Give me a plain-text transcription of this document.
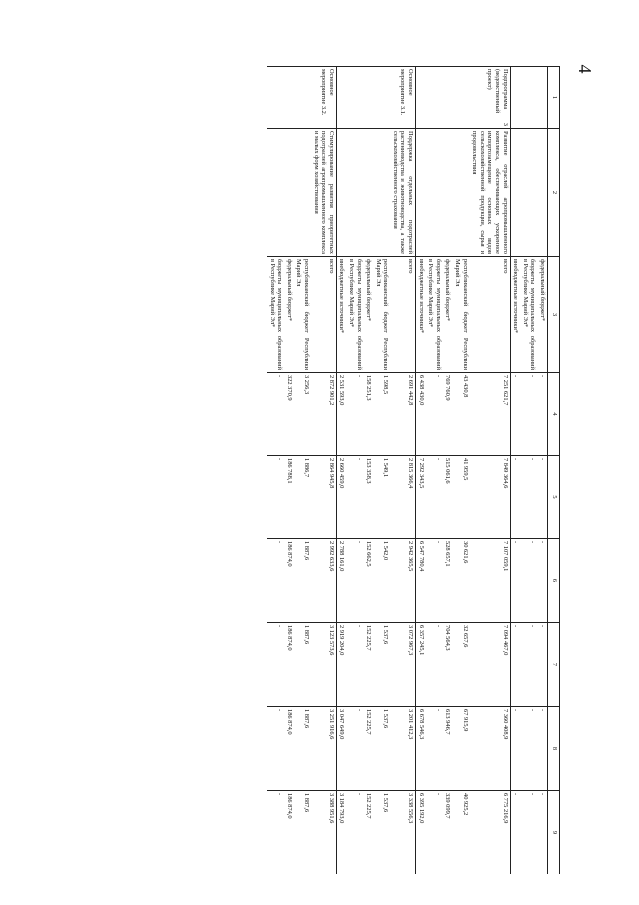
4
1	2	3	4	5	6	7	8	9
		федеральный бюджет*	-	-	-	-	-	-
		бюджеты муниципальных образований в Республике Марий Эл*	-	-	-	-	-	-
		внебюджетные источники*	-	-	-	-	-	-
Подпрограмма 3 (ведомственный проект)	Развитие отраслей агропромышленного комплекса, обеспечивающих ускоренное импортозамещение основных видов сельскохозяйственной продукции, сырья и продовольствия	всего	7 251 621,7	7 849 364,6	7 107 059,1	7 094 467,0	7 360 408,9	6 775 216,9
		республиканский бюджет Республики Марий Эл	43 430,8	41 959,5	30 621,6	32 657,6	67 915,9	40 925,2
		федеральный бюджет*	769 760,9	515 061,6	528 657,1	704 564,3	613 946,7	339 099,7
		бюджеты муниципальных образований в Республике Марий Эл*	-	-	-	-	-	-
		внебюджетные источники*	6 438 430,0	7 292 343,5	6 547 780,4	6 357 245,1	6 678 546,3	6 395 192,0
Основное мероприятие 3.1.	Поддержка отдельных подотраслей растениеводства и животноводства, а также сельскохозяйственного страхования	всего	2 691 442,8	2 815 366,4	2 942 365,5	3 072 967,3	3 201 412,3	3 338 556,3
		республиканский бюджет Республики Марий Эл	1 598,5	1 549,1	1 542,0	1 537,6	1 537,6	1 537,6
		федеральный бюджет*	158 251,3	153 358,3	152 662,5	152 225,7	152 225,7	152 225,7
		бюджеты муниципальных образований в Республике Марий Эл*	-	-	-	-	-	-
		внебюджетные источники*	2 531 593,0	2 660 459,0	2 788 161,0	2 919 204,0	3 047 649,0	3 184 793,0
Основное мероприятие 3.2.	Стимулирование развития приоритетных подотраслей агропромышленного комплекса и малых форм хозяйствования	всего	2 872 901,2	2 864 945,8	2 992 633,6	3 123 573,6	3 251 916,6	3 388 951,6
		республиканский бюджет Республики Марий Эл	3 256,3	1 886,7	1 887,6	1 887,6	1 887,6	1 887,6
		федеральный бюджет*	322 370,9	186 788,1	186 874,0	186 874,0	186 874,0	186 874,0
		бюджеты муниципальных образований в Республике Марий Эл*	-	-	-	-	-	-
